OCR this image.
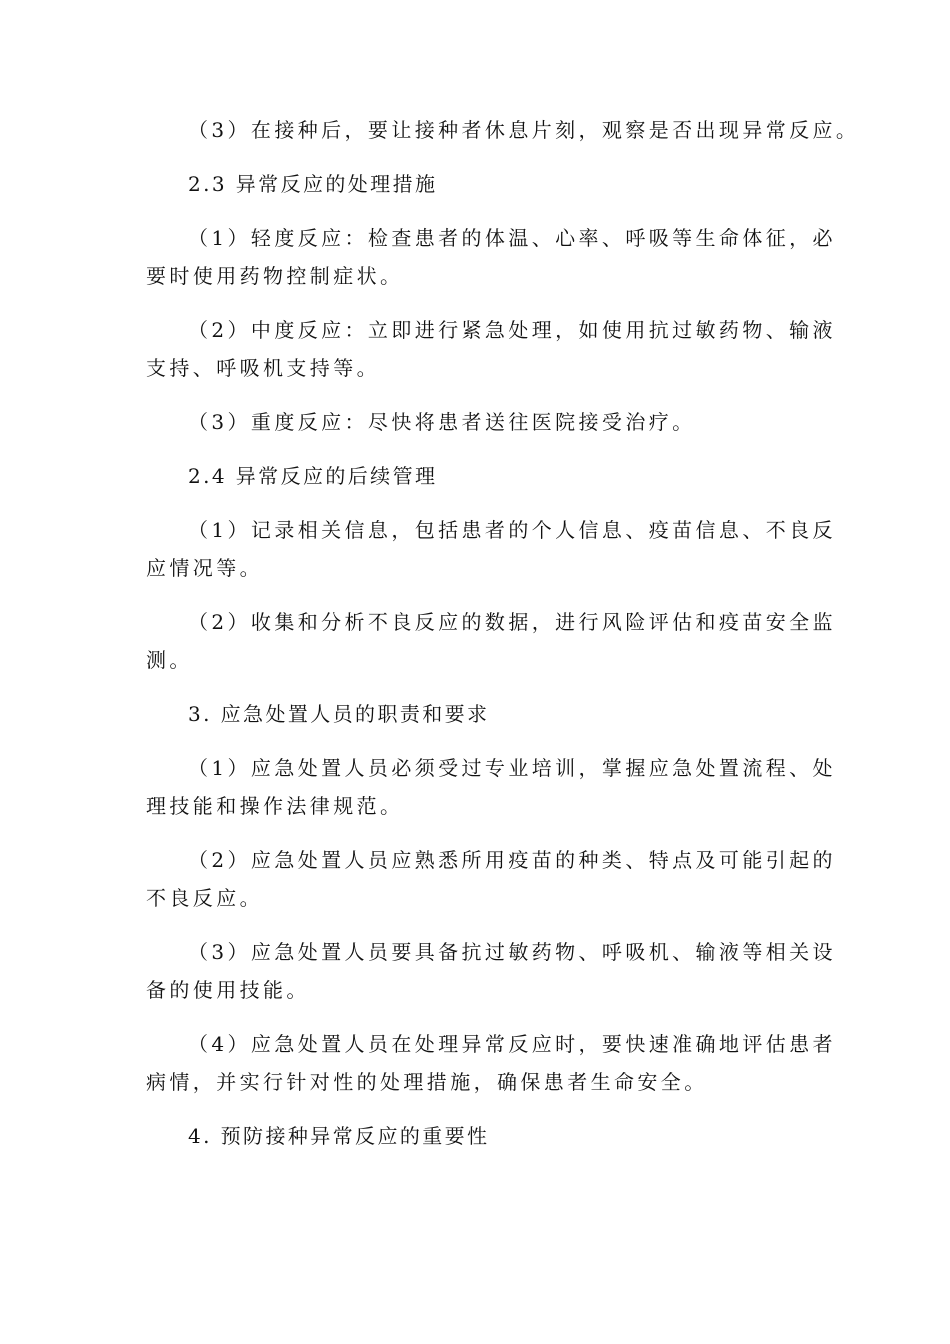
（3）在接种后，要让接种者休息片刻，观察是否出现异常反应。
2.3 异常反应的处理措施
（1）轻度反应：检查患者的体温、心率、呼吸等生命体征，必
要时使用药物控制症状。
（2）中度反应：立即进行紧急处理，如使用抗过敏药物、输液
支持、呼吸机支持等。
（3）重度反应：尽快将患者送往医院接受治疗。
2.4 异常反应的后续管理
（1）记录相关信息，包括患者的个人信息、疫苗信息、不良反
应情况等。
（2）收集和分析不良反应的数据，进行风险评估和疫苗安全监
测。
3. 应急处置人员的职责和要求
（1）应急处置人员必须受过专业培训，掌握应急处置流程、处
理技能和操作法律规范。
（2）应急处置人员应熟悉所用疫苗的种类、特点及可能引起的
不良反应。
（3）应急处置人员要具备抗过敏药物、呼吸机、输液等相关设
备的使用技能。
（4）应急处置人员在处理异常反应时，要快速准确地评估患者
病情，并实行针对性的处理措施，确保患者生命安全。
4. 预防接种异常反应的重要性
